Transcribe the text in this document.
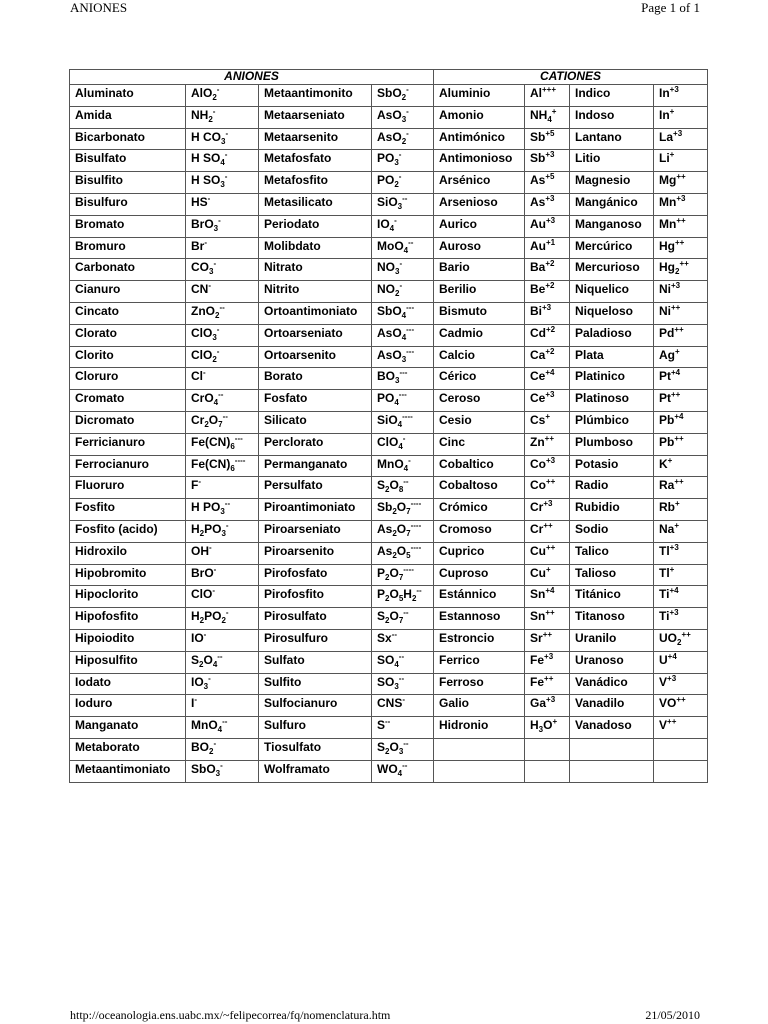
ANIONES	Page 1 of 1
ANIONES				CATIONES			
Aluminato	AlO$_2$-	Metaantimonito	SbO$_2$-	Aluminio	Al+++	Indico	$In^{+3}$
Amida	$NH_2^-$	Metaarseniato	AsO$_3$-	Amonio	$NH_4^+$	Indoso	In+
Bicarbonato	H $CO_3^-$	Metaarsenito	AsO$_2$-	Antimónico	$Sb^{+5}$	Lantano	$La^{+3}$
Bisulfato	H $SO_4^-$	Metafosfato	$PO_3^-$	Antimonioso	$Sb^{+3}$	Litio	Li+
Bisulfito	H $SO_3^-$	Metafosfito	$PO_2^-$	Arsénico	$As^{+5}$	Magnesio	Mg++
Bisulfuro	HS-	Metasilicato	SiO$_3$--	Arsenioso	$As^{+3}$	Mangánico	$Mn^{+3}$
Bromato	BrO$_3$-	Periodato	$IO_4^-$	Aurico	$Au^{+3}$	Manganoso	Mn++
Bromuro	Br-	Molibdato	MoO$_4$--	Auroso	$Au^{+1}$	Mercúrico	Hg++
Carbonato	$CO_3^-$	Nitrato	$NO_3^-$	Bario	$Ba^{+2}$	Mercurioso	$Hg_2^{++}$
Cianuro	CN-	Nitrito	$NO_2^-$	Berilio	$Be^{+2}$	Niquelico	$Ni^{+3}$
Cincato	ZnO$_2$--	Ortoantimoniato	SbO$_4$---	Bismuto	$Bi^{+3}$	Niqueloso	Ni++
Clorato	ClO$_3$-	Ortoarseniato	AsO$_4$---	Cadmio	$Cd^{+2}$	Paladioso	Pd++
Clorito	ClO$_2$-	Ortoarsenito	AsO$_3$---	Calcio	$Ca^{+2}$	Plata	Ag+
Cloruro	Cl-	Borato	$BO_3^{---}$	Cérico	$Ce^{+4}$	Platinico	$Pt^{+4}$
Cromato	CrO$_4$--	Fosfato	$PO_4^{---}$	Ceroso	$Ce^{+3}$	Platinoso	Pt++
Dicromato	$Cr_2O_7^{--}$	Silicato	SiO$_4$----	Cesio	Cs+	Plúmbico	$Pb^{+4}$
Ferricianuro	$Fe(CN)_6^{---}$	Perclorato	ClO$_4$-	Cinc	Zn++	Plumboso	Pb++
Ferrocianuro	$Fe(CN)_6^{----}$	Permanganato	MnO$_4$-	Cobaltico	$Co^{+3}$	Potasio	K+
Fluoruro	F-	Persulfato	$S_2O_8^{--}$	Cobaltoso	Co++	Radio	Ra++
Fosfito	H $PO_3^{--}$	Piroantimoniato	$Sb_2O_7^{----}$	Crómico	$Cr^{+3}$	Rubidio	Rb+
Fosfito (acido)	$H_2PO_3^-$	Piroarseniato	$As_2O_7^{----}$	Cromoso	Cr++	Sodio	Na+
Hidroxilo	OH-	Piroarsenito	$As_2O_5^{----}$	Cuprico	Cu++	Talico	$Tl^{+3}$
Hipobromito	BrO-	Pirofosfato	$P_2O_7^{----}$	Cuproso	Cu+	Talioso	Tl+
Hipoclorito	ClO-	Pirofosfito	$P_2O_5H_2^{--}$	Estánnico	$Sn^{+4}$	Titánico	$Ti^{+4}$
Hipofosfito	$H_2PO_2^-$	Pirosulfato	$S_2O_7^{--}$	Estannoso	Sn++	Titanoso	$Ti^{+3}$
Hipoiodito	IO-	Pirosulfuro	Sx--	Estroncio	Sr++	Uranilo	$UO_2^{++}$
Hiposulfito	$S_2O_4^{--}$	Sulfato	$SO_4^{--}$	Ferrico	$Fe^{+3}$	Uranoso	$U^{+4}$
Iodato	$IO_3^-$	Sulfito	$SO_3^{--}$	Ferroso	Fe++	Vanádico	$V^{+3}$
Ioduro	I-	Sulfocianuro	CNS-	Galio	$Ga^{+3}$	Vanadilo	VO++
Manganato	MnO$_4$--	Sulfuro	S--	Hidronio	$H_3O^+$	Vanadoso	V++
Metaborato	$BO_2^-$	Tiosulfato	$S_2O_3^{--}$				
Metaantimoniato	SbO$_3$-	Wolframato	$WO_4^{--}$				
http://oceanologia.ens.uabc.mx/~felipecorrea/fq/nomenclatura.htm	21/05/2010
